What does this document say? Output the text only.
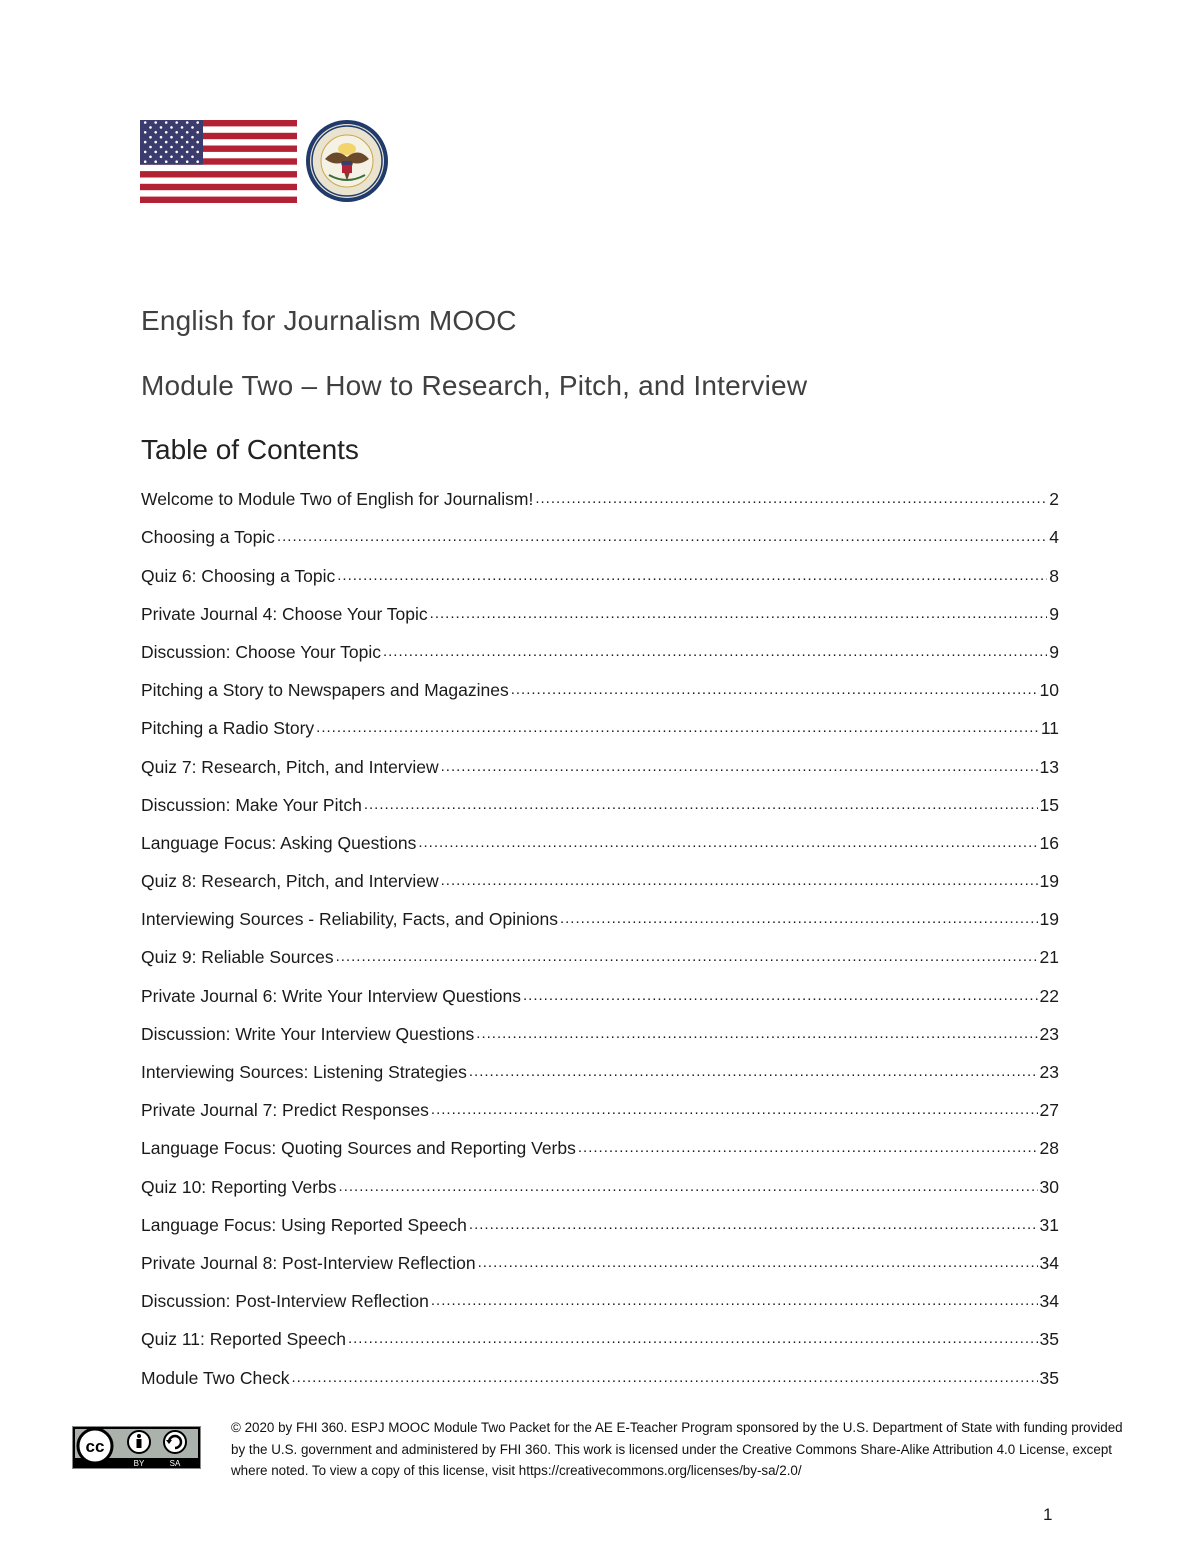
English for Journalism MOOC
Module Two – How to Research, Pitch, and Interview
Table of Contents
Welcome to Module Two of English for Journalism! .....	2
Choosing a Topic .....	4
Quiz 6: Choosing a Topic .....	8
Private Journal 4: Choose Your Topic .....	9
Discussion: Choose Your Topic .....	9
Pitching a Story to Newspapers and Magazines .....	10
Pitching a Radio Story .....	11
Quiz 7: Research, Pitch, and Interview .....	13
Discussion: Make Your Pitch .....	15
Language Focus: Asking Questions .....	16
Quiz 8: Research, Pitch, and Interview .....	19
Interviewing Sources - Reliability, Facts, and Opinions .....	19
Quiz 9: Reliable Sources .....	21
Private Journal 6: Write Your Interview Questions .....	22
Discussion: Write Your Interview Questions .....	23
Interviewing Sources: Listening Strategies .....	23
Private Journal 7: Predict Responses .....	27
Language Focus: Quoting Sources and Reporting Verbs .....	28
Quiz 10: Reporting Verbs .....	30
Language Focus: Using Reported Speech .....	31
Private Journal 8: Post-Interview Reflection .....	34
Discussion: Post-Interview Reflection .....	34
Quiz 11: Reported Speech .....	35
Module Two Check .....	35
cc
BY	SA
© 2020 by FHI 360. ESPJ MOOC Module Two Packet for the AE E-Teacher Program sponsored by the U.S. Department of State with funding provided by the U.S. government and administered by FHI 360. This work is licensed under the Creative Commons Share-Alike Attribution 4.0 License, except where noted. To view a copy of this license, visit https://creativecommons.org/licenses/by-sa/2.0/
1
